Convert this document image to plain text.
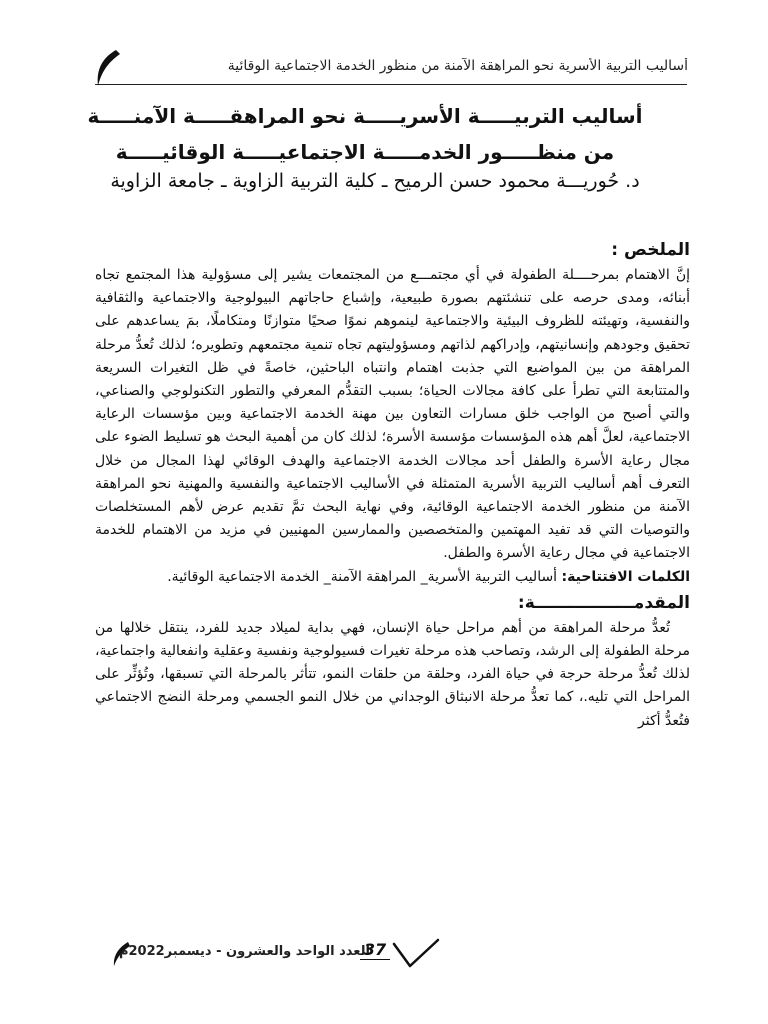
أساليب التربية الأسرية نحو المراهقة الآمنة من منظور الخدمة الاجتماعية الوقائية
أساليب التربيـــــة الأسريـــــة نحو المراهقـــــة الآمنـــــة
من منظـــــور الخدمـــــة الاجتماعيـــــة الوقائيـــــة
د. حُوريـــة محمود حسن الرميح ـ كلية التربية الزاوية ـ جامعة الزاوية

الملخص :

إنَّ الاهتمام بمرحــــلة الطفولة في أي مجتمـــع من المجتمعات يشير إلى مسؤولية هذا المجتمع تجاه أبنائه، ومدى حرصه على تنشئتهم بصورة طبيعية، وإشباع حاجاتهم البيولوجية والاجتماعية والثقافية والنفسية، وتهيئته للظروف البيئية والاجتماعية لينموهم نموًا صحيًا متوازنًا ومتكاملًا، بمَ يساعدهم على تحقيق وجودهم وإنسانيتهم، وإدراكهم لذاتهم ومسؤوليتهم تجاه تنمية مجتمعهم وتطويره؛ لذلك تُعدُّ مرحلة المراهقة من بين المواضيع التي جذبت اهتمام وانتباه الباحثين، خاصةً في ظل التغيرات السريعة والمتتابعة التي تطرأ على كافة مجالات الحياة؛ بسبب التقدُّم المعرفي والتطور التكنولوجي والصناعي، والتي أصبح من الواجب خلق مسارات التعاون بين مهنة الخدمة الاجتماعية وبين مؤسسات الرعاية الاجتماعية، لعلَّ أهم هذه المؤسسات مؤسسة الأسرة؛ لذلك كان من أهمية البحث هو تسليط الضوء على مجال رعاية الأسرة والطفل أحد مجالات الخدمة الاجتماعية والهدف الوقائي لهذا المجال من خلال التعرف أهم أساليب التربية الأسرية المتمثلة في الأساليب الاجتماعية والنفسية والمهنية نحو المراهقة الآمنة من منظور الخدمة الاجتماعية الوقائية، وفي نهاية البحث تمَّ تقديم عرض لأهم المستخلصات والتوصيات التي قد تفيد المهتمين والمتخصصين والممارسين المهنيين في مزيد من الاهتمام للخدمة الاجتماعية في مجال رعاية الأسرة والطفل.

الكلمات الافتتاحية: أساليب التربية الأسرية_ المراهقة الآمنة_ الخدمة الاجتماعية الوقائية.

المقدمـــــــــــــــــة:

تُعدُّ مرحلة المراهقة من أهم مراحل حياة الإنسان، فهي بداية لميلاد جديد للفرد، ينتقل خلالها من مرحلة الطفولة إلى الرشد، وتصاحب هذه مرحلة تغيرات فسيولوجية ونفسية وعقلية وانفعالية واجتماعية، لذلك تُعدُّ مرحلة حرجة في حياة الفرد، وحلقة من حلقات النمو، تتأثر بالمرحلة التي تسبقها، وتُؤثِّر على المراحل التي تليه.، كما تعدُّ مرحلة الانبثاق الوجداني من خلال النمو الجسمي ومرحلة النضج الاجتماعي فتُعدُّ أكثر

العدد الواحد والعشرون - ديسمبر2022م
37
